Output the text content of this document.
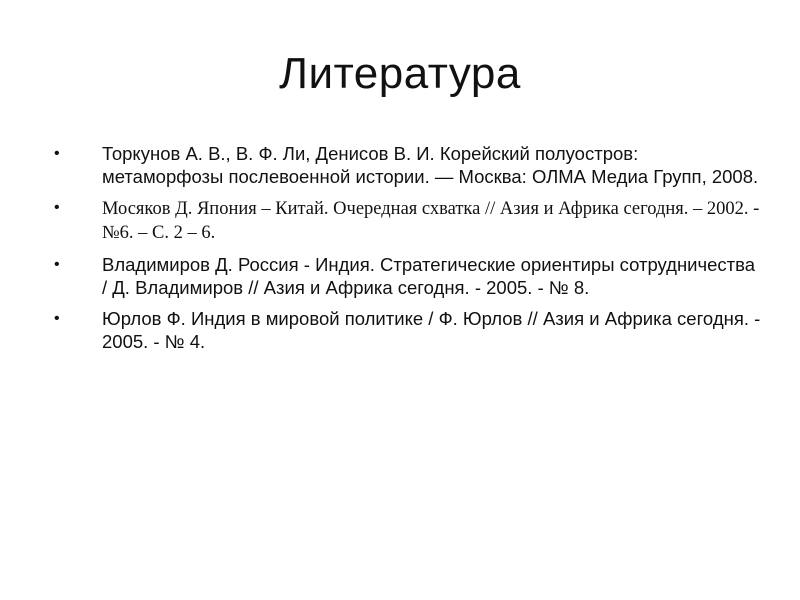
Литература
•	Торкунов А. В., В. Ф. Ли, Денисов В. И. Корейский полуостров: метаморфозы послевоенной истории. — Москва: ОЛМА Медиа Групп, 2008.
•	Мосяков Д. Япония – Китай. Очередная схватка // Азия и Африка сегодня. – 2002. - №6. – С. 2 – 6.
•	Владимиров Д. Россия - Индия. Стратегические ориентиры сотрудничества / Д. Владимиров // Азия и Африка сегодня. - 2005. - № 8.
•	Юрлов Ф. Индия в мировой политике / Ф. Юрлов // Азия и Африка сегодня. - 2005. - № 4.
